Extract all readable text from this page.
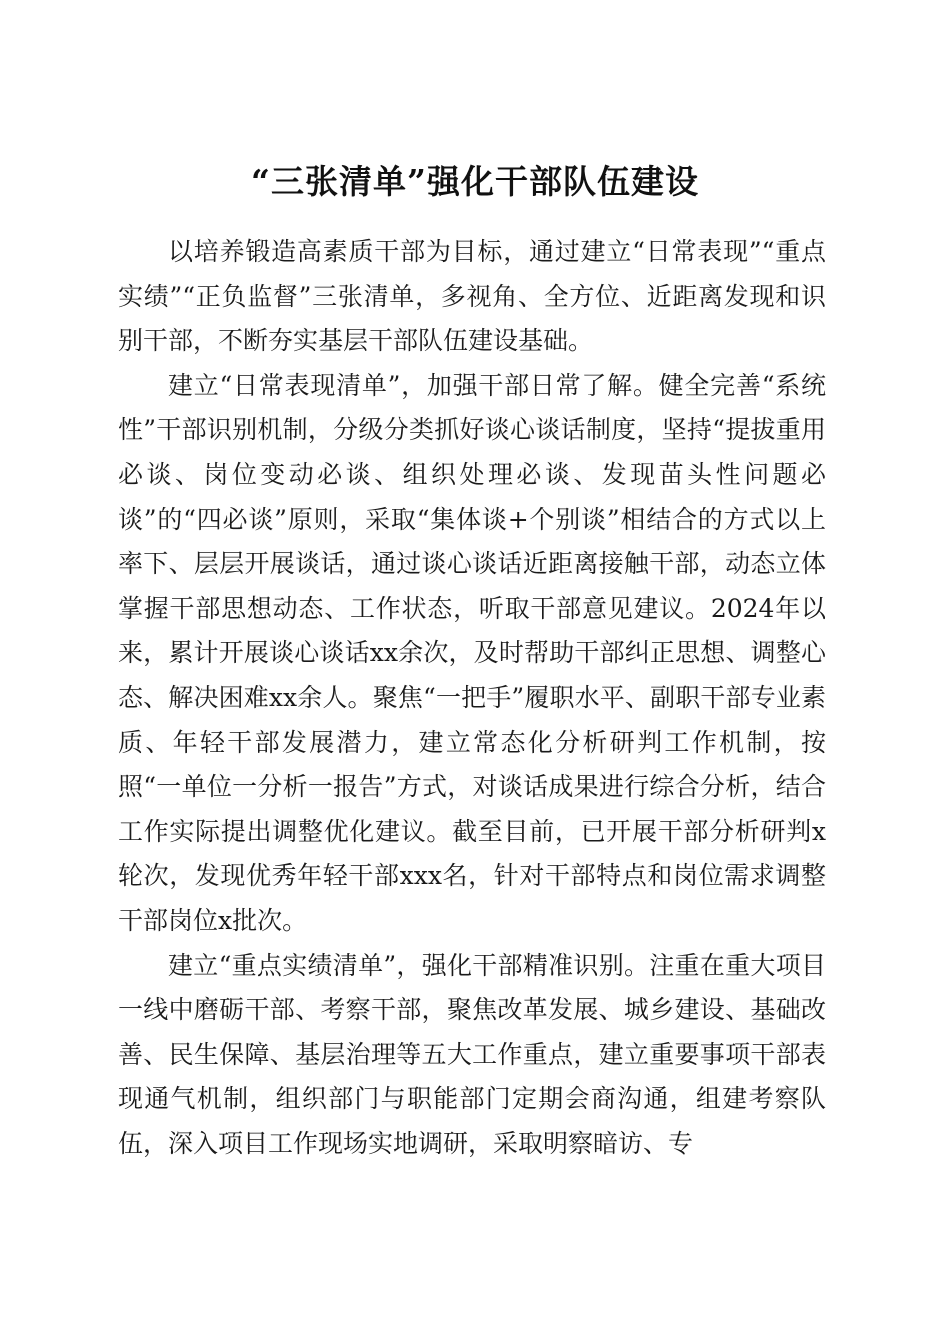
“三张清单”强化干部队伍建设

以培养锻造高素质干部为目标，通过建立“日常表现”“重点实绩”“正负监督”三张清单，多视角、全方位、近距离发现和识别干部，不断夯实基层干部队伍建设基础。

建立“日常表现清单”，加强干部日常了解。健全完善“系统性”干部识别机制，分级分类抓好谈心谈话制度，坚持“提拔重用必谈、岗位变动必谈、组织处理必谈、发现苗头性问题必谈”的“四必谈”原则，采取“集体谈+个别谈”相结合的方式以上率下、层层开展谈话，通过谈心谈话近距离接触干部，动态立体掌握干部思想动态、工作状态，听取干部意见建议。2024年以来，累计开展谈心谈话xx余次，及时帮助干部纠正思想、调整心态、解决困难xx余人。聚焦“一把手”履职水平、副职干部专业素质、年轻干部发展潜力，建立常态化分析研判工作机制，按照“一单位一分析一报告”方式，对谈话成果进行综合分析，结合工作实际提出调整优化建议。截至目前，已开展干部分析研判x轮次，发现优秀年轻干部xxx名，针对干部特点和岗位需求调整干部岗位x批次。

建立“重点实绩清单”，强化干部精准识别。注重在重大项目一线中磨砺干部、考察干部，聚焦改革发展、城乡建设、基础改善、民生保障、基层治理等五大工作重点，建立重要事项干部表现通气机制，组织部门与职能部门定期会商沟通，组建考察队伍，深入项目工作现场实地调研，采取明察暗访、专
